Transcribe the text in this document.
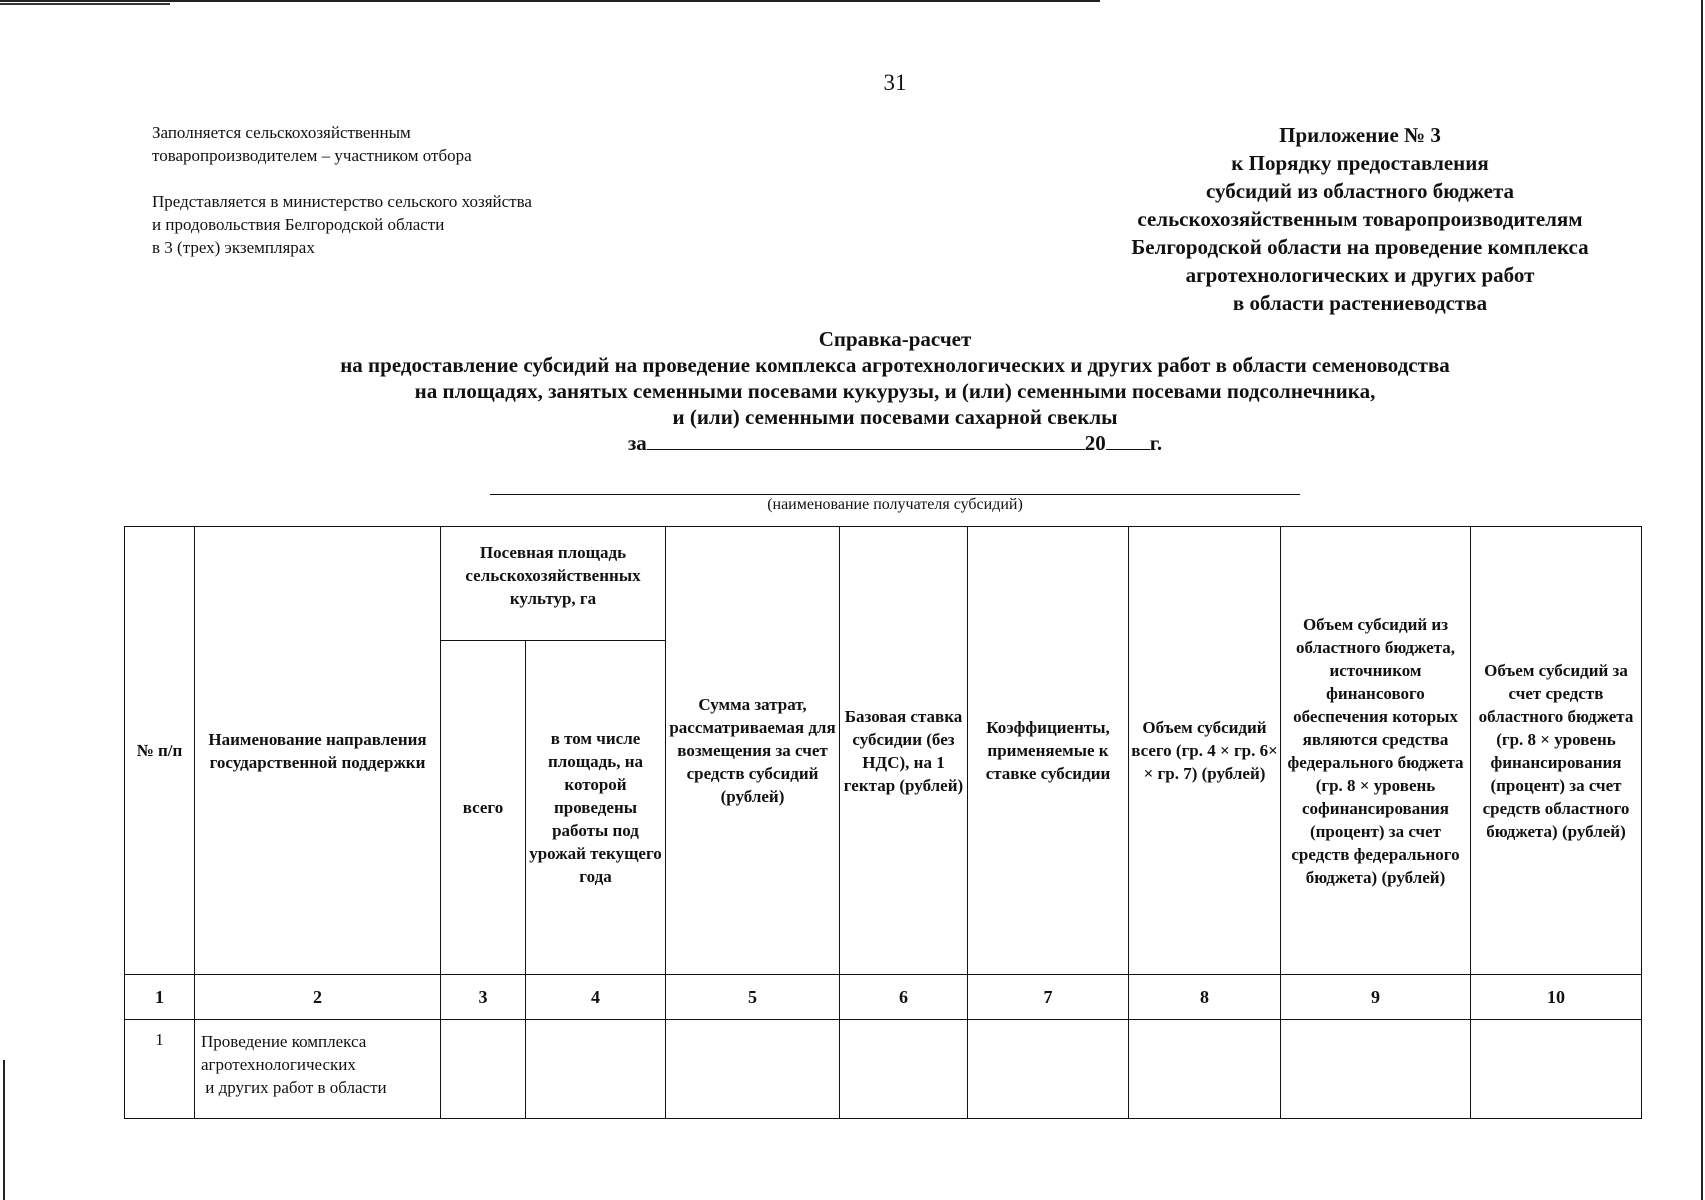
31
Заполняется сельскохозяйственным
товаропроизводителем – участником отбора
Представляется в министерство сельского хозяйства
и продовольствия Белгородской области
в 3 (трех) экземплярах
Приложение № 3
к Порядку предоставления
субсидий из областного бюджета
сельскохозяйственным товаропроизводителям
Белгородской области на проведение комплекса
агротехнологических и других работ
в области растениеводства
Справка-расчет
на предоставление субсидий на проведение комплекса агротехнологических и других работ в области семеноводства
на площадях, занятых семенными посевами кукурузы, и (или) семенными посевами подсолнечника,
и (или) семенными посевами сахарной свеклы
за	20 г.
(наименование получателя субсидий)
№ п/п	Наименование направления государственной поддержки	Посевная площадь сельскохозяйственных культур, га		Сумма затрат, рассматриваемая для возмещения за счет средств субсидий (рублей)	Базовая ставка субсидии (без НДС), на 1 гектар (рублей)	Коэффициенты, применяемые к ставке субсидии	Объем субсидий всего (гр. 4 × гр. 6× × гр. 7) (рублей)	Объем субсидий из областного бюджета, источником финансового обеспечения которых являются средства федерального бюджета (гр. 8 × уровень софинансирования (процент) за счет средств федерального бюджета) (рублей)	Объем субсидий за счет средств областного бюджета (гр. 8 × уровень финансирования (процент) за счет средств областного бюджета) (рублей)
		всего	в том числе площадь, на которой проведены работы под урожай текущего года						
1	2	3	4	5	6	7	8	9	10
1	Проведение комплекса
агротехнологических
и других работ в области								
